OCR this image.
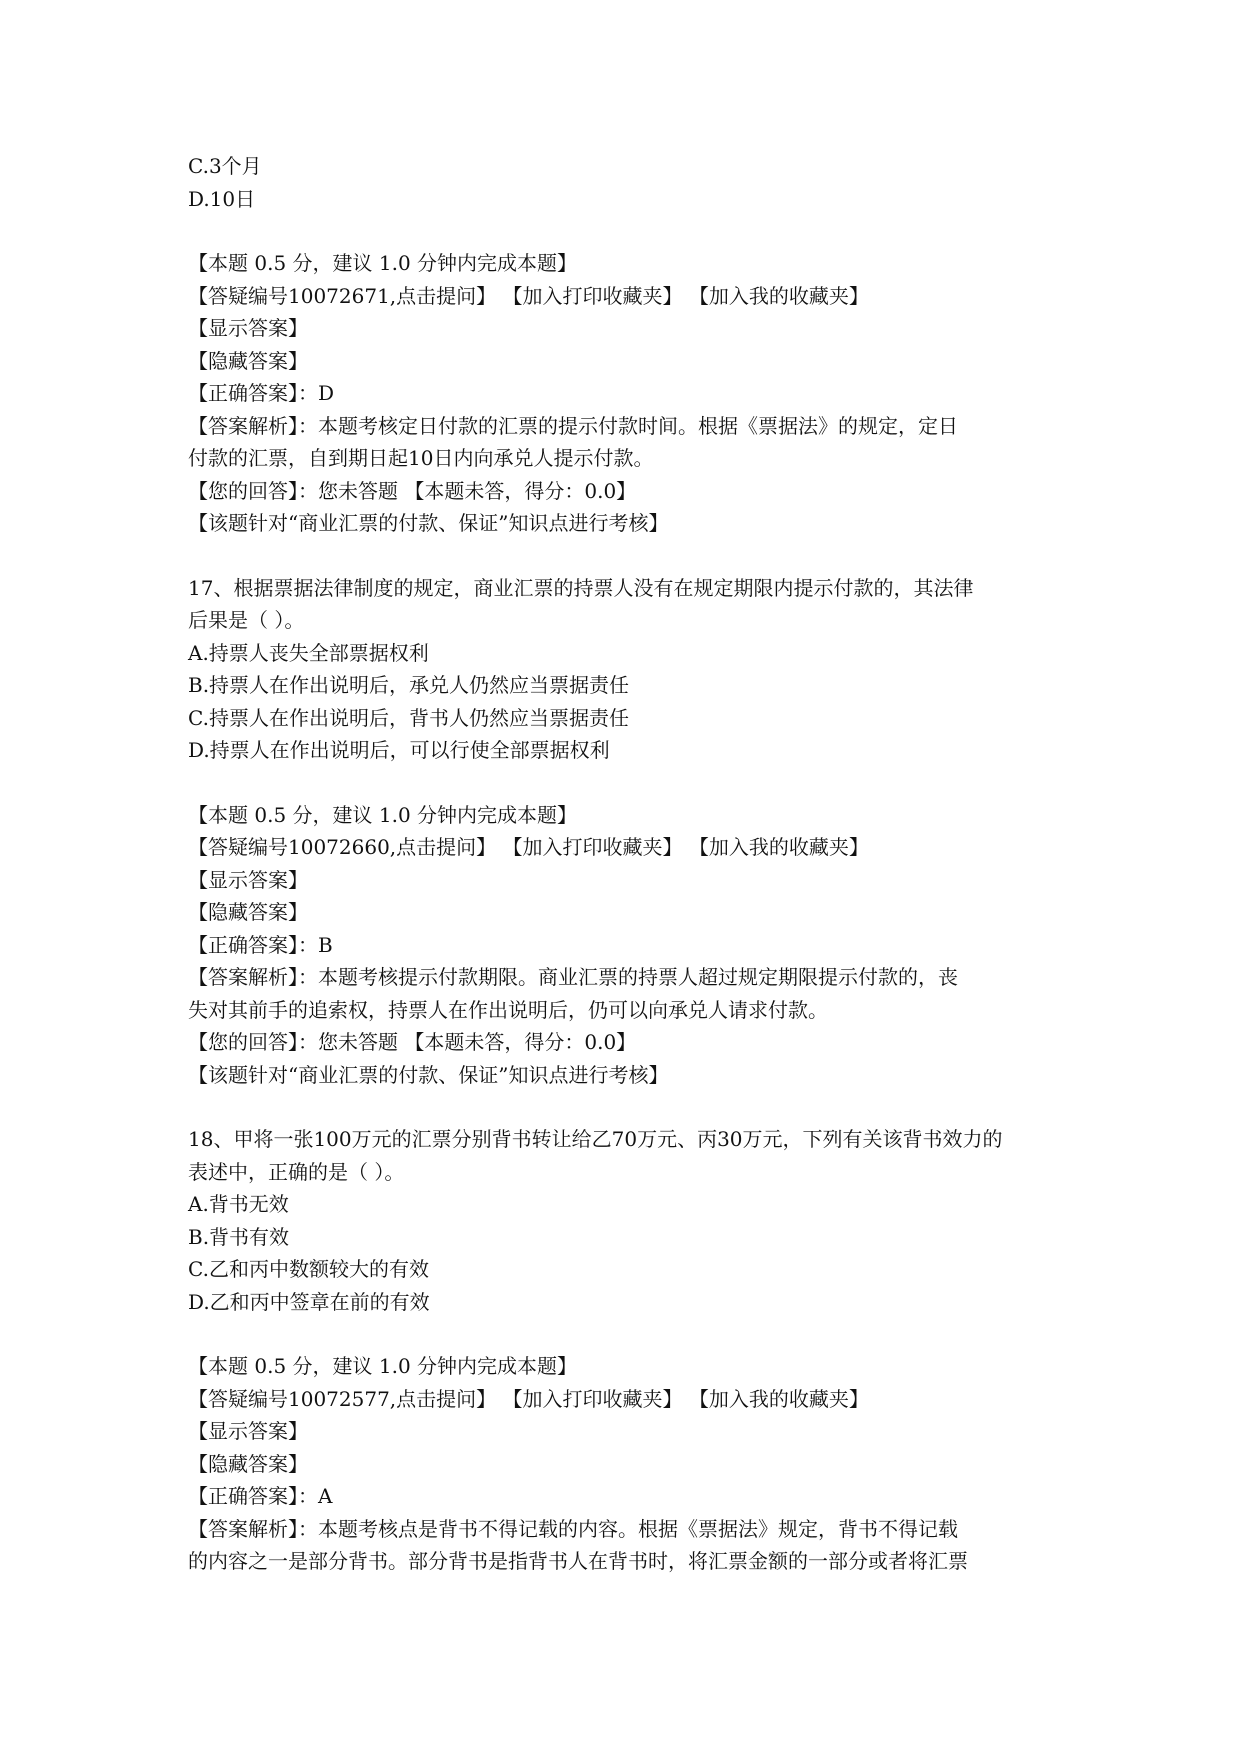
C.3个月
D.10日
【本题 0.5 分，建议 1.0 分钟内完成本题】
【答疑编号10072671,点击提问】 【加入打印收藏夹】 【加入我的收藏夹】
【显示答案】
【隐藏答案】
【正确答案】：D
【答案解析】：本题考核定日付款的汇票的提示付款时间。根据《票据法》的规定，定日
付款的汇票，自到期日起10日内向承兑人提示付款。
【您的回答】：您未答题 【本题未答，得分：0.0】
【该题针对“商业汇票的付款、保证”知识点进行考核】
17、根据票据法律制度的规定，商业汇票的持票人没有在规定期限内提示付款的，其法律
后果是（ ）。
A.持票人丧失全部票据权利
B.持票人在作出说明后，承兑人仍然应当票据责任
C.持票人在作出说明后，背书人仍然应当票据责任
D.持票人在作出说明后，可以行使全部票据权利
【本题 0.5 分，建议 1.0 分钟内完成本题】
【答疑编号10072660,点击提问】 【加入打印收藏夹】 【加入我的收藏夹】
【显示答案】
【隐藏答案】
【正确答案】：B
【答案解析】：本题考核提示付款期限。商业汇票的持票人超过规定期限提示付款的，丧
失对其前手的追索权，持票人在作出说明后，仍可以向承兑人请求付款。
【您的回答】：您未答题 【本题未答，得分：0.0】
【该题针对“商业汇票的付款、保证”知识点进行考核】
18、甲将一张100万元的汇票分别背书转让给乙70万元、丙30万元，下列有关该背书效力的
表述中，正确的是（ ）。
A.背书无效
B.背书有效
C.乙和丙中数额较大的有效
D.乙和丙中签章在前的有效
【本题 0.5 分，建议 1.0 分钟内完成本题】
【答疑编号10072577,点击提问】 【加入打印收藏夹】 【加入我的收藏夹】
【显示答案】
【隐藏答案】
【正确答案】：A
【答案解析】：本题考核点是背书不得记载的内容。根据《票据法》规定，背书不得记载
的内容之一是部分背书。部分背书是指背书人在背书时，将汇票金额的一部分或者将汇票
